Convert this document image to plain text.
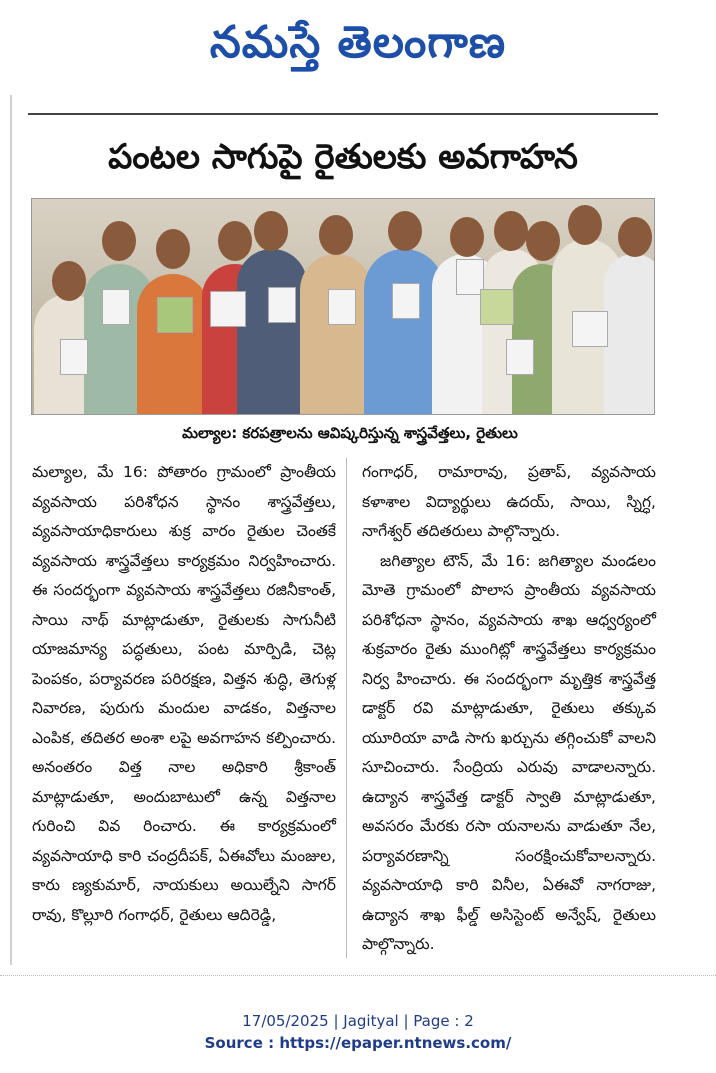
నమస్తే తెలంగాణ
పంటల సాగుపై రైతులకు అవగాహన
మల్యాల: కరపత్రాలను ఆవిష్కరిస్తున్న శాస్త్రవేత్తలు, రైతులు

మల్యాల, మే 16: పోతారం గ్రామంలో ప్రాంతీయ వ్యవసాయ పరిశోధన స్థానం శాస్త్రవేత్తలు, వ్యవసాయాధికారులు శుక్ర వారం రైతుల చెంతకే వ్యవసాయ శాస్త్రవేత్తలు కార్యక్రమం నిర్వహించారు. ఈ సందర్భంగా వ్యవసాయ శాస్త్రవేత్తలు రజినీకాంత్, సాయి నాథ్ మాట్లాడుతూ, రైతులకు సాగునీటి యాజమాన్య పద్ధతులు, పంట మార్పిడి, చెట్ల పెంపకం, పర్యావరణ పరిరక్షణ, విత్తన శుద్ధి, తెగుళ్ల నివారణ, పురుగు మందుల వాడకం, విత్తనాల ఎంపిక, తదితర అంశా లపై అవగాహన కల్పించారు. అనంతరం విత్త నాల అధికారి శ్రీకాంత్ మాట్లాడుతూ, అందుబాటులో ఉన్న విత్తనాల గురించి వివ రించారు. ఈ కార్యక్రమంలో వ్యవసాయాధి కారి చంద్రదీపక్, ఏఈవోలు మంజుల, కారు ణ్యకుమార్, నాయకులు అయిల్నేని సాగర్ రావు, కొల్లూరి గంగాధర్, రైతులు ఆదిరెడ్డి,

గంగాధర్, రామారావు, ప్రతాప్, వ్యవసాయ కళాశాల విద్యార్థులు ఉదయ్, సాయి, స్నిగ్ధ, నాగేశ్వర్ తదితరులు పాల్గొన్నారు.

జగిత్యాల టౌన్, మే 16: జగిత్యాల మండలం మోతె గ్రామంలో పొలాస ప్రాంతీయ వ్యవసాయ పరిశోధనా స్థానం, వ్యవసాయ శాఖ ఆధ్వర్యంలో శుక్రవారం రైతు ముంగిట్లో శాస్త్రవేత్తలు కార్యక్రమం నిర్వ హించారు. ఈ సందర్భంగా మృత్తిక శాస్త్రవేత్త డాక్టర్ రవి మాట్లాడుతూ, రైతులు తక్కువ యూరియా వాడి సాగు ఖర్చును తగ్గించుకో వాలని సూచించారు. సేంద్రియ ఎరువు వాడాలన్నారు. ఉద్యాన శాస్త్రవేత్త డాక్టర్ స్వాతి మాట్లాడుతూ, అవసరం మేరకు రసా యనాలను వాడుతూ నేల, పర్యావరణాన్ని సంరక్షించుకోవాలన్నారు. వ్యవసాయాధి కారి వినీల, ఏఈవో నాగరాజు, ఉద్యాన శాఖ ఫీల్డ్ అసిస్టెంట్ అన్వేష్, రైతులు పాల్గొన్నారు.

17/05/2025 | Jagityal | Page : 2
Source : https://epaper.ntnews.com/
